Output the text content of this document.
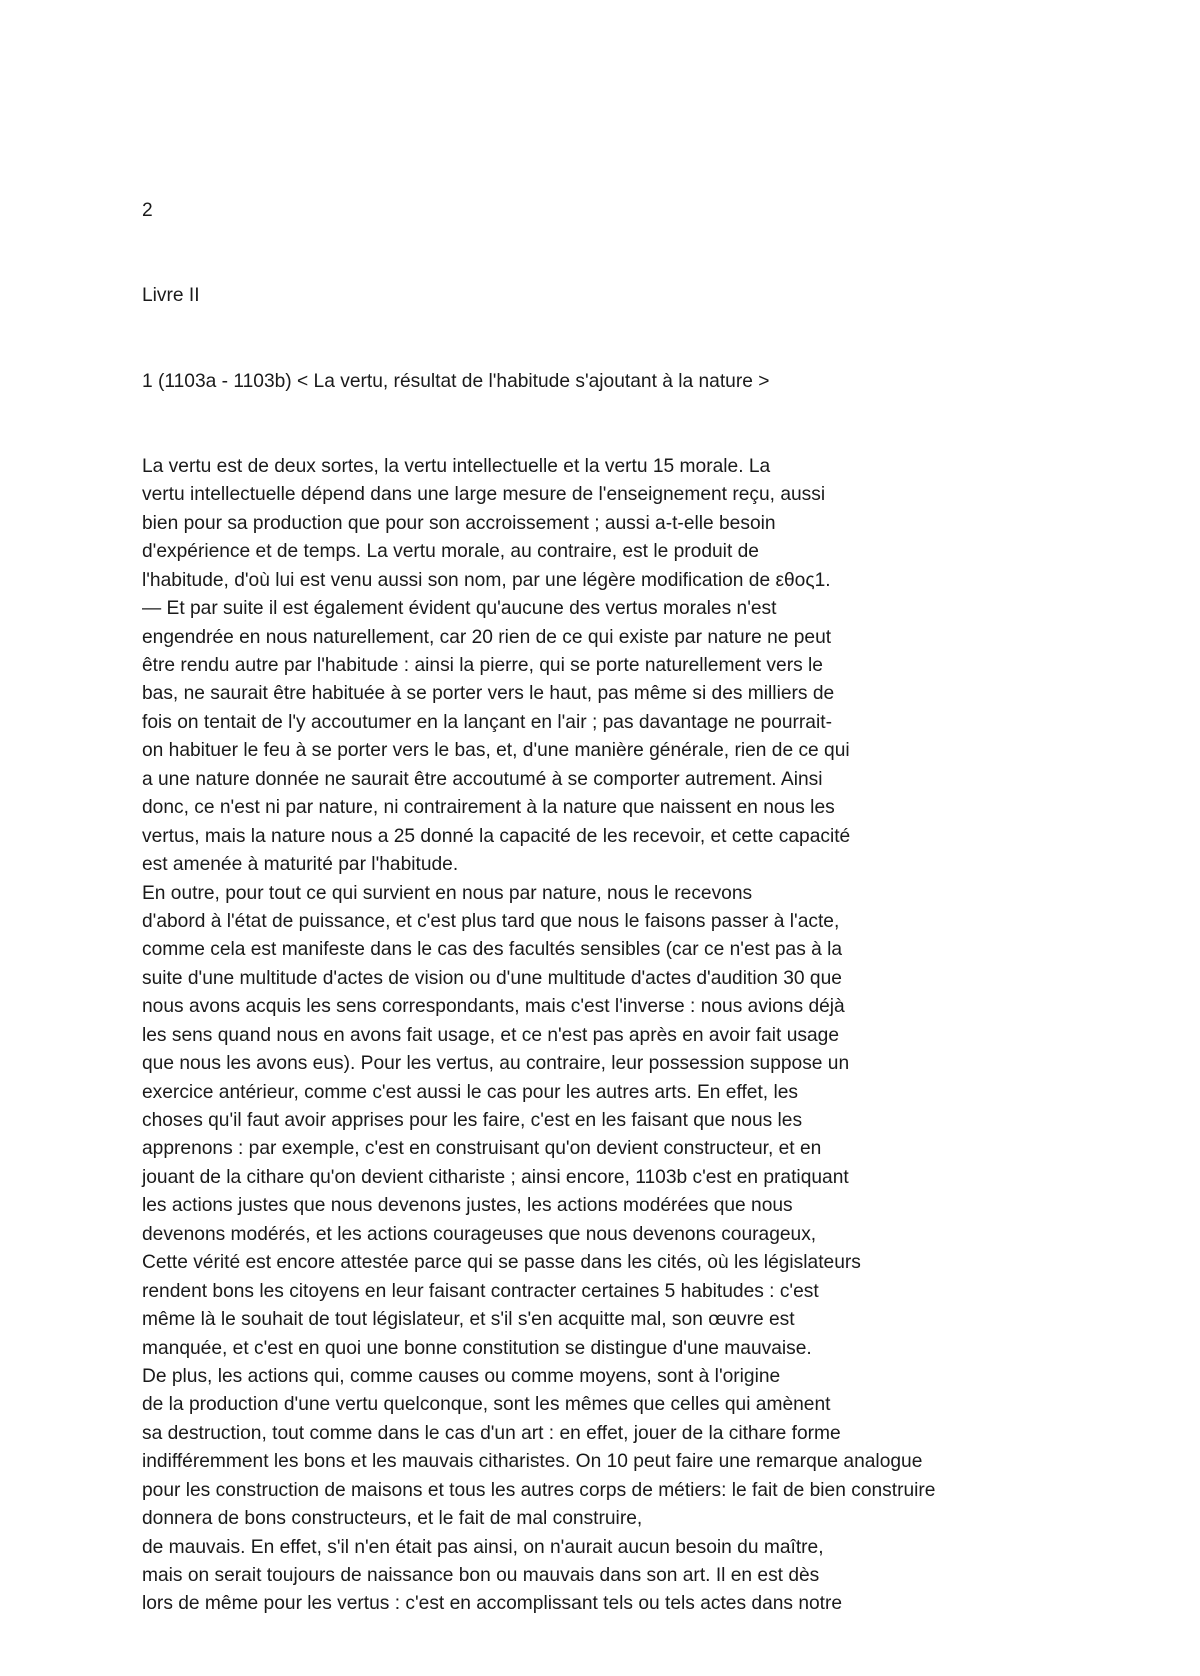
2

Livre II

1 (1103a - 1103b) < La vertu, résultat de l'habitude s'ajoutant à la nature >

La vertu est de deux sortes, la vertu intellectuelle et la vertu 15 morale. La
vertu intellectuelle dépend dans une large mesure de l'enseignement reçu, aussi
bien pour sa production que pour son accroissement ; aussi a-t-elle besoin
d'expérience et de temps. La vertu morale, au contraire, est le produit de
l'habitude, d'où lui est venu aussi son nom, par une légère modification de εθος1.
— Et par suite il est également évident qu'aucune des vertus morales n'est
engendrée en nous naturellement, car 20 rien de ce qui existe par nature ne peut
être rendu autre par l'habitude : ainsi la pierre, qui se porte naturellement vers le
bas, ne saurait être habituée à se porter vers le haut, pas même si des milliers de
fois on tentait de l'y accoutumer en la lançant en l'air ; pas davantage ne pourrait-
on habituer le feu à se porter vers le bas, et, d'une manière générale, rien de ce qui
a une nature donnée ne saurait être accoutumé à se comporter autrement. Ainsi
donc, ce n'est ni par nature, ni contrairement à la nature que naissent en nous les
vertus, mais la nature nous a 25 donné la capacité de les recevoir, et cette capacité
est amenée à maturité par l'habitude.
En outre, pour tout ce qui survient en nous par nature, nous le recevons
d'abord à l'état de puissance, et c'est plus tard que nous le faisons passer à l'acte,
comme cela est manifeste dans le cas des facultés sensibles (car ce n'est pas à la
suite d'une multitude d'actes de vision ou d'une multitude d'actes d'audition 30 que
nous avons acquis les sens correspondants, mais c'est l'inverse : nous avions déjà
les sens quand nous en avons fait usage, et ce n'est pas après en avoir fait usage
que nous les avons eus). Pour les vertus, au contraire, leur possession suppose un
exercice antérieur, comme c'est aussi le cas pour les autres arts. En effet, les
choses qu'il faut avoir apprises pour les faire, c'est en les faisant que nous les
apprenons : par exemple, c'est en construisant qu'on devient constructeur, et en
jouant de la cithare qu'on devient cithariste ; ainsi encore, 1103b c'est en pratiquant
les actions justes que nous devenons justes, les actions modérées que nous
devenons modérés, et les actions courageuses que nous devenons courageux,
Cette vérité est encore attestée parce qui se passe dans les cités, où les législateurs
rendent bons les citoyens en leur faisant contracter certaines 5 habitudes : c'est
même là le souhait de tout législateur, et s'il s'en acquitte mal, son œuvre est
manquée, et c'est en quoi une bonne constitution se distingue d'une mauvaise.
De plus, les actions qui, comme causes ou comme moyens, sont à l'origine
de la production d'une vertu quelconque, sont les mêmes que celles qui amènent
sa destruction, tout comme dans le cas d'un art : en effet, jouer de la cithare forme
indifféremment les bons et les mauvais citharistes. On 10 peut faire une remarque analogue
pour les construction de maisons et tous les autres corps de métiers: le fait de bien construire
donnera de bons constructeurs, et le fait de mal construire,
de mauvais. En effet, s'il n'en était pas ainsi, on n'aurait aucun besoin du maître,
mais on serait toujours de naissance bon ou mauvais dans son art. Il en est dès
lors de même pour les vertus : c'est en accomplissant tels ou tels actes dans notre
